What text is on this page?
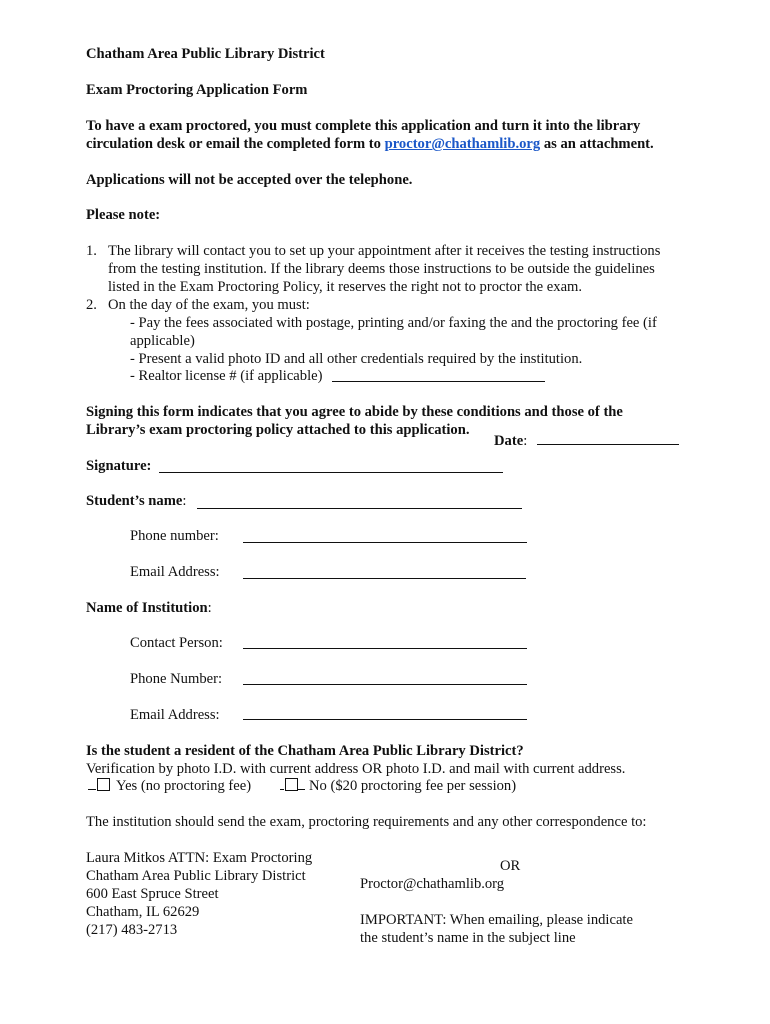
Chatham Area Public Library District
Exam Proctoring Application Form
To have a exam proctored, you must complete this application and turn it into the library
circulation desk or email the completed form to proctor@chathamlib.org as an attachment.
Applications will not be accepted over the telephone.
Please note:
1. The library will contact you to set up your appointment after it receives the testing instructions
from the testing institution. If the library deems those instructions to be outside the guidelines
listed in the Exam Proctoring Policy, it reserves the right not to proctor the exam.
2. On the day of the exam, you must:
- Pay the fees associated with postage, printing and/or faxing the and the proctoring fee (if
applicable)
- Present a valid photo ID and all other credentials required by the institution.
- Realtor license # (if applicable)
Signing this form indicates that you agree to abide by these conditions and those of the
Library’s exam proctoring policy attached to this application.
Date:
Signature:
Student’s name:
Phone number:
Email Address:
Name of Institution:
Contact Person:
Phone Number:
Email Address:
Is the student a resident of the Chatham Area Public Library District?
Verification by photo I.D. with current address OR photo I.D. and mail with current address.
Yes (no proctoring fee)	No ($20 proctoring fee per session)
The institution should send the exam, proctoring requirements and any other correspondence to:
Laura Mitkos ATTN: Exam Proctoring
Chatham Area Public Library District
600 East Spruce Street
Chatham, IL 62629
(217) 483-2713
OR
Proctor@chathamlib.org
IMPORTANT: When emailing, please indicate
the student’s name in the subject line
